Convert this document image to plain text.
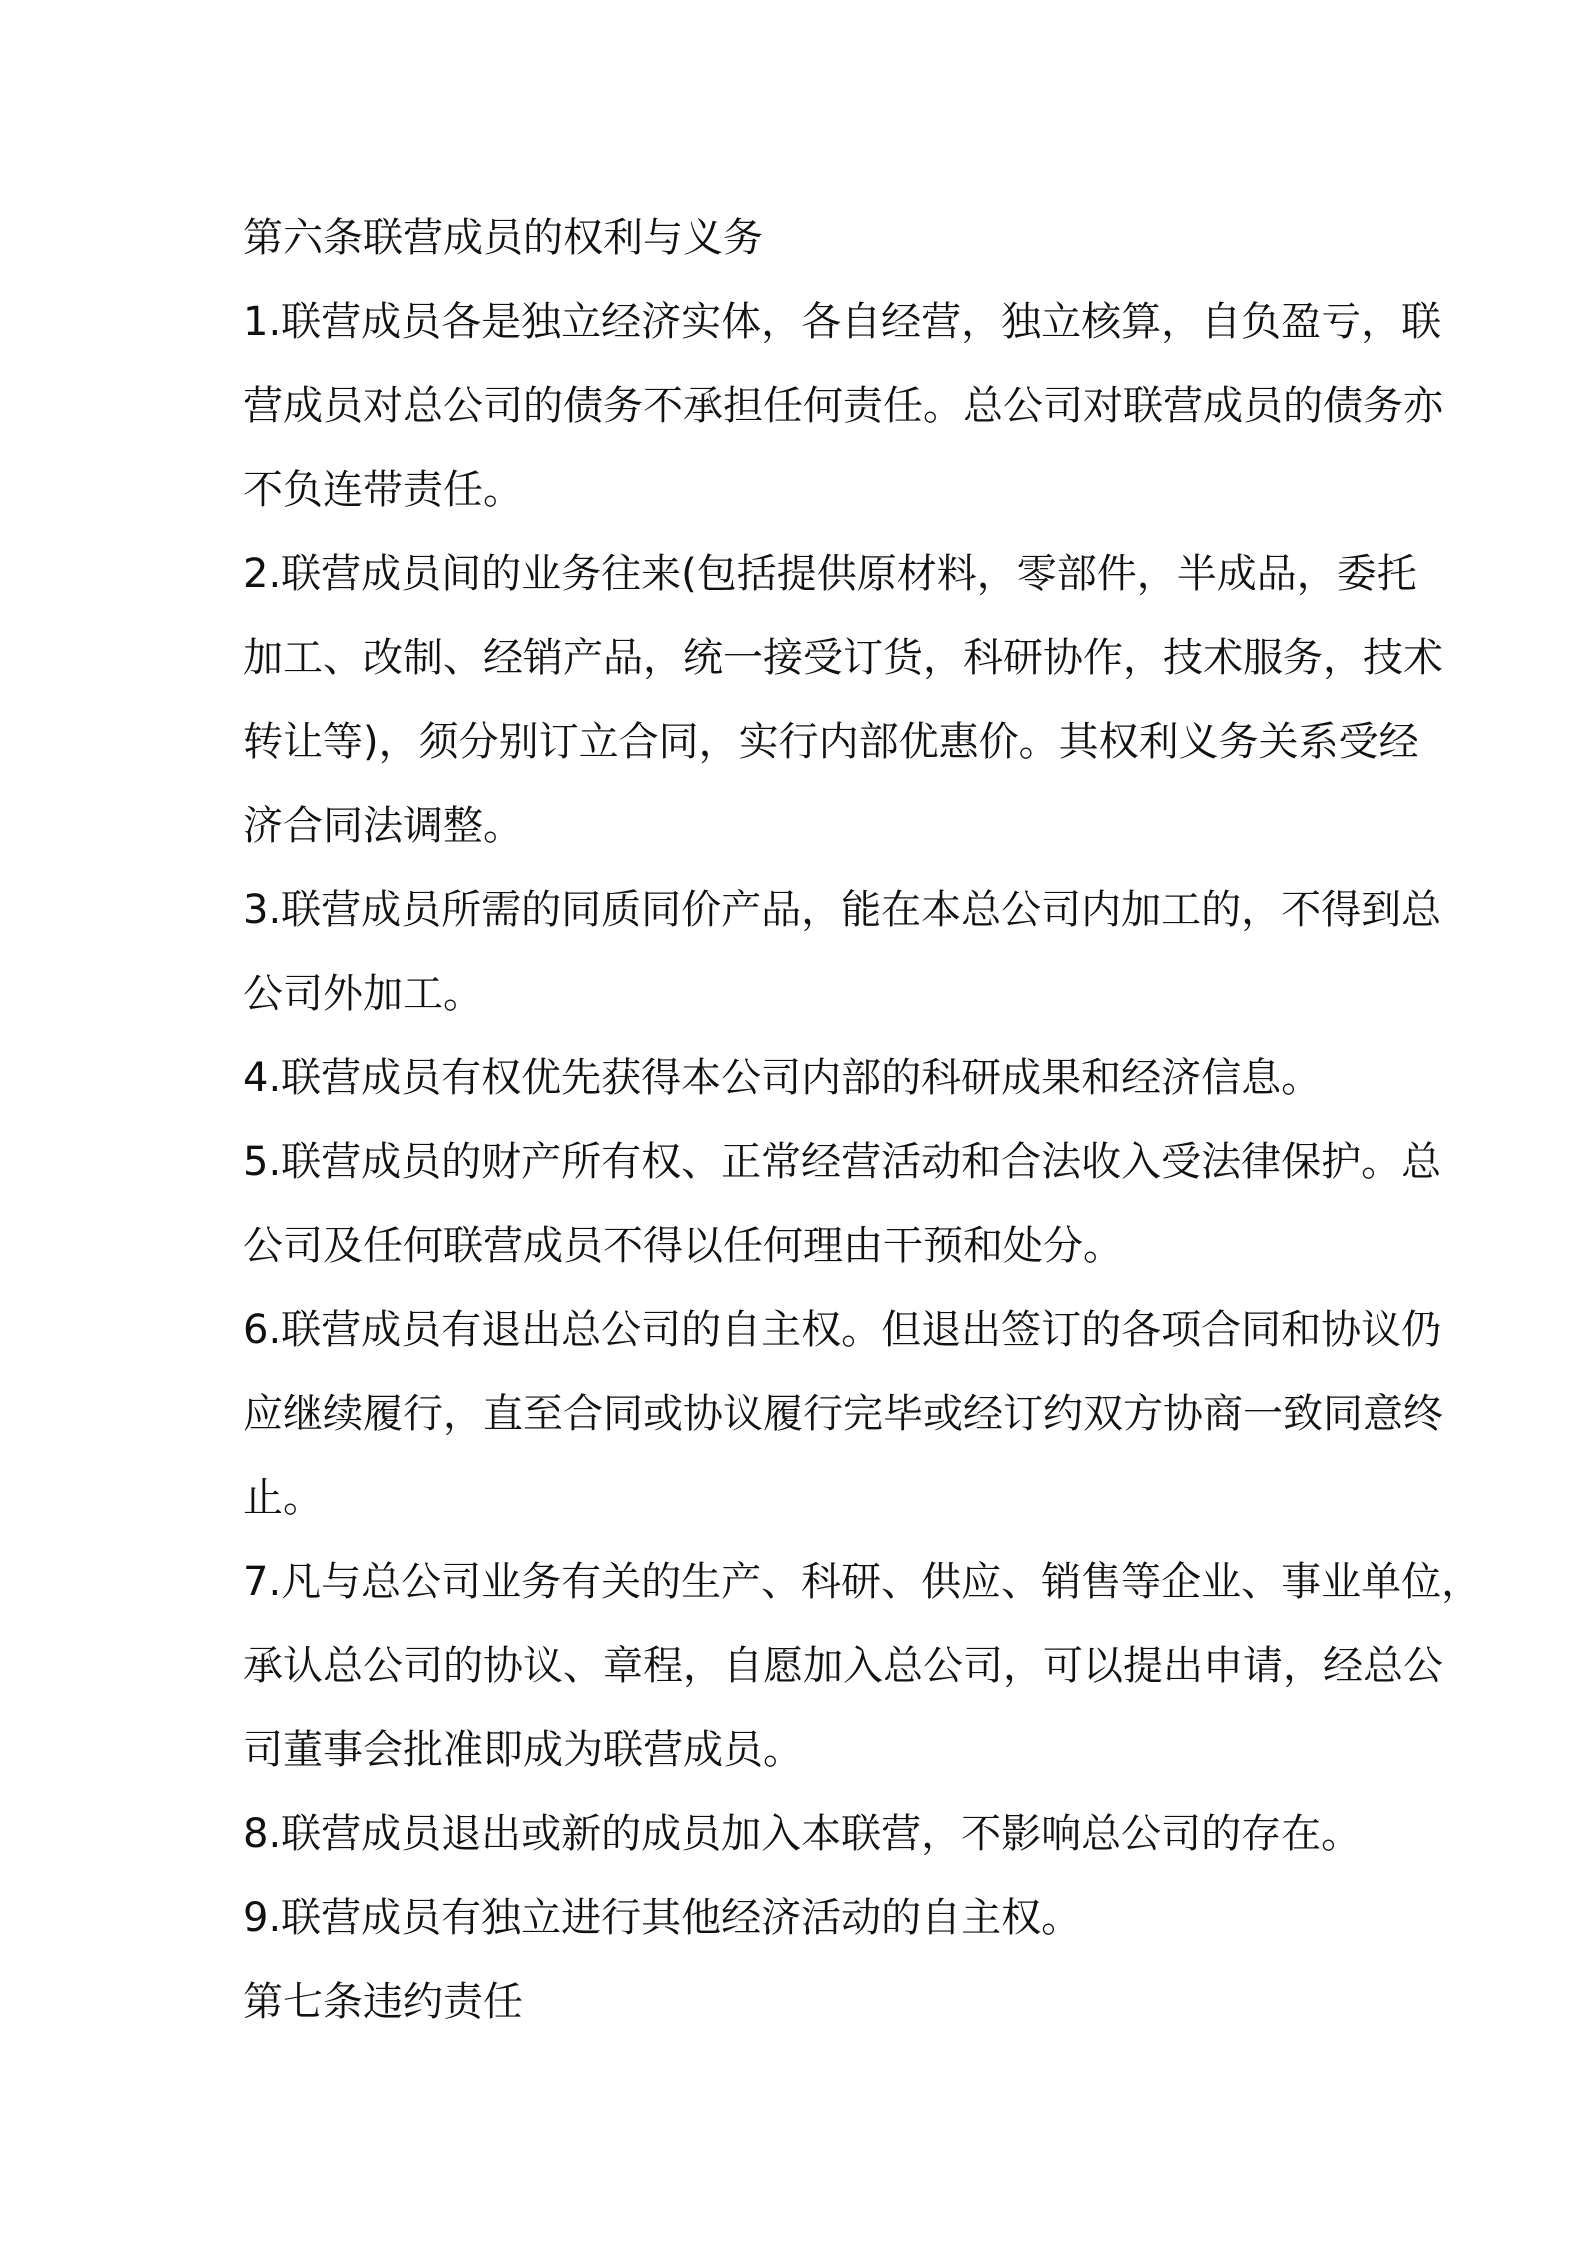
第六条联营成员的权利与义务
1.联营成员各是独立经济实体，各自经营，独立核算，自负盈亏，联
营成员对总公司的债务不承担任何责任。总公司对联营成员的债务亦
不负连带责任。
2.联营成员间的业务往来(包括提供原材料，零部件，半成品，委托
加工、改制、经销产品，统一接受订货，科研协作，技术服务，技术
转让等)，须分别订立合同，实行内部优惠价。其权利义务关系受经
济合同法调整。
3.联营成员所需的同质同价产品，能在本总公司内加工的，不得到总
公司外加工。
4.联营成员有权优先获得本公司内部的科研成果和经济信息。
5.联营成员的财产所有权、正常经营活动和合法收入受法律保护。总
公司及任何联营成员不得以任何理由干预和处分。
6.联营成员有退出总公司的自主权。但退出签订的各项合同和协议仍
应继续履行，直至合同或协议履行完毕或经订约双方协商一致同意终
止。
7.凡与总公司业务有关的生产、科研、供应、销售等企业、事业单位，
承认总公司的协议、章程，自愿加入总公司，可以提出申请，经总公
司董事会批准即成为联营成员。
8.联营成员退出或新的成员加入本联营，不影响总公司的存在。
9.联营成员有独立进行其他经济活动的自主权。
第七条违约责任
